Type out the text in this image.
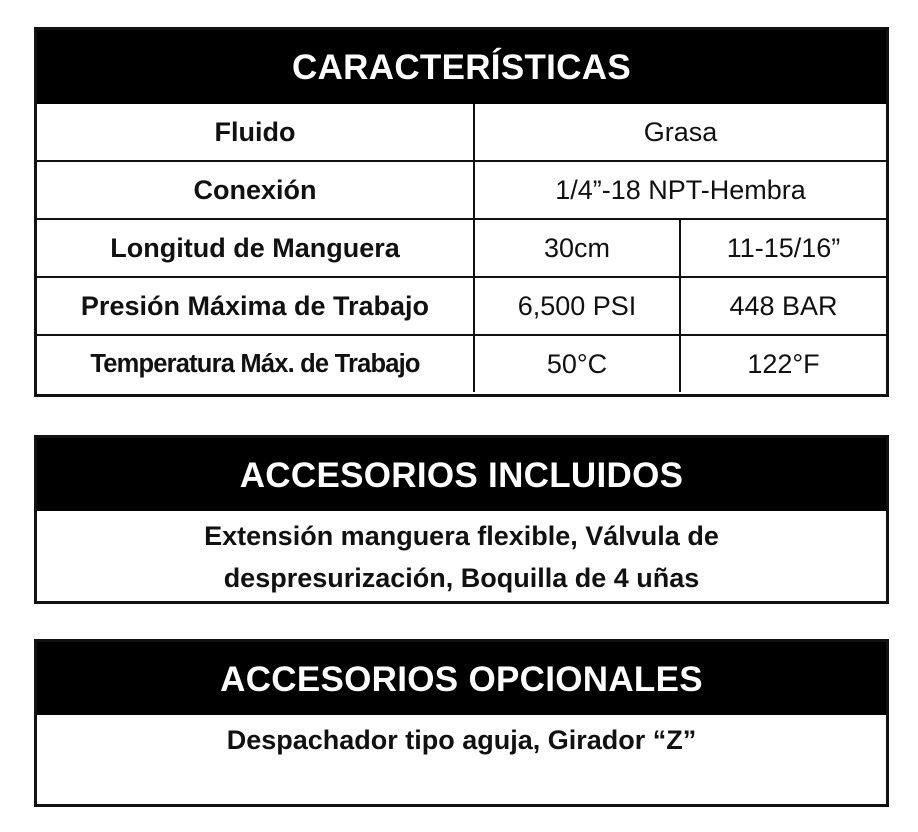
CARACTERÍSTICAS
Fluido	Grasa	
Conexión	1/4”-18 NPT-Hembra	
Longitud de Manguera	30cm	11-15/16”
Presión Máxima de Trabajo	6,500 PSI	448 BAR
Temperatura Máx. de Trabajo	50°C	122°F
ACCESORIOS INCLUIDOS
Extensión manguera flexible, Válvula de despresurización, Boquilla de 4 uñas
ACCESORIOS OPCIONALES
Despachador tipo aguja, Girador “Z”
